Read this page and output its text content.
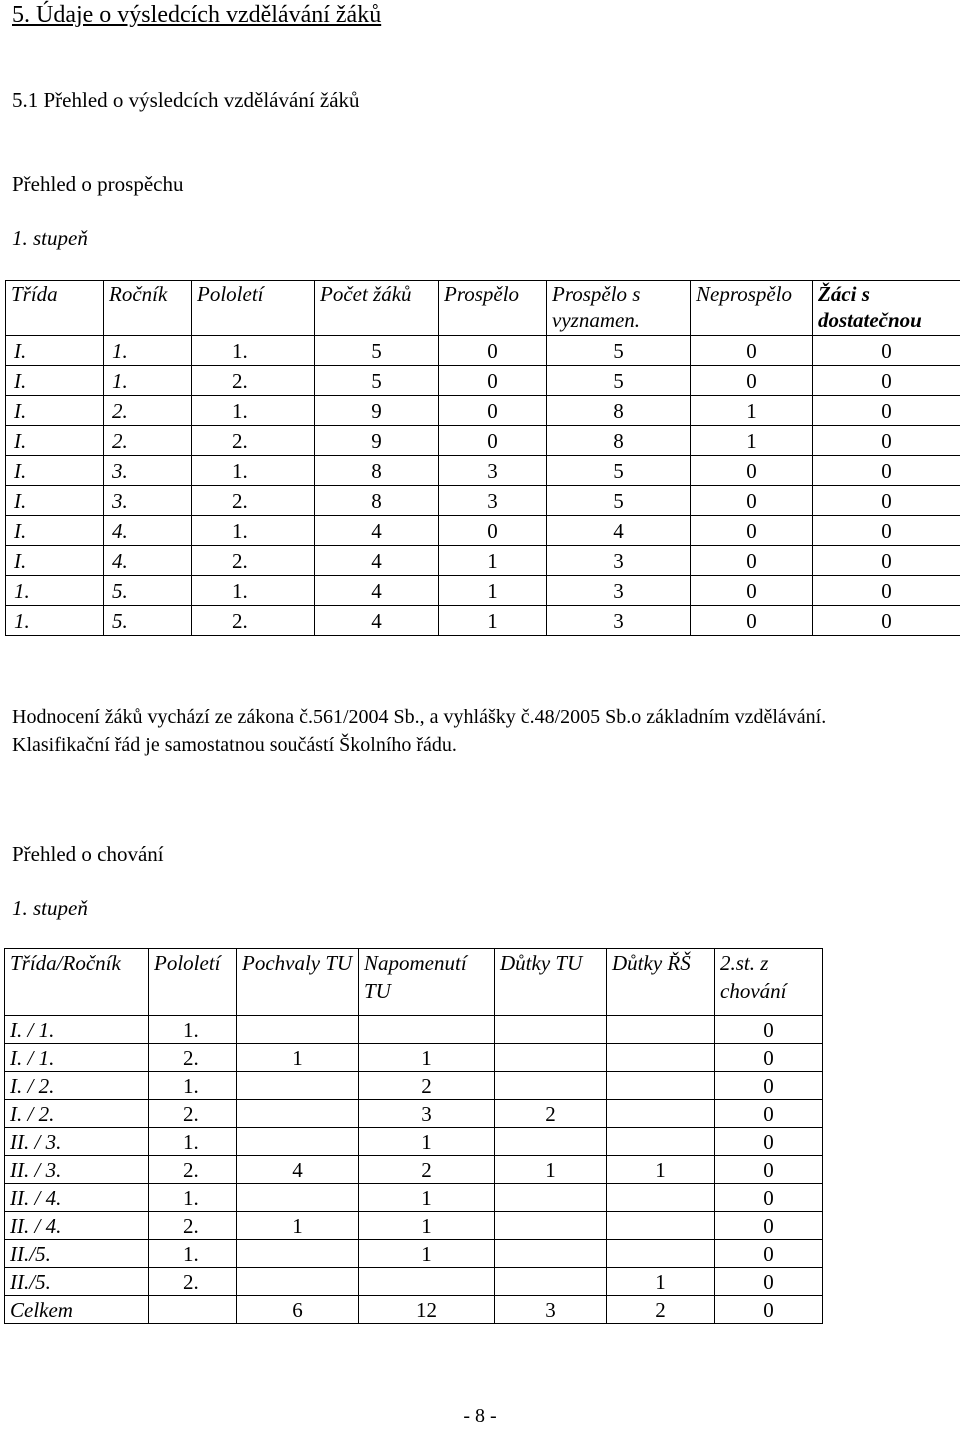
5. Údaje o výsledcích vzdělávání žáků
5.1 Přehled o výsledcích vzdělávání žáků
Přehled o prospěchu
1. stupeň
Třída	Ročník	Pololetí	Počet žáků	Prospělo	Prospělo s vyznamen.	Neprospělo	Žáci s dostatečnou
I.	1.	1.	5	0	5	0	0
I.	1.	2.	5	0	5	0	0
I.	2.	1.	9	0	8	1	0
I.	2.	2.	9	0	8	1	0
I.	3.	1.	8	3	5	0	0
I.	3.	2.	8	3	5	0	0
I.	4.	1.	4	0	4	0	0
I.	4.	2.	4	1	3	0	0
1.	5.	1.	4	1	3	0	0
1.	5.	2.	4	1	3	0	0
Hodnocení žáků vychází ze zákona č.561/2004 Sb., a vyhlášky č.48/2005 Sb.o základním vzdělávání. Klasifikační řád je samostatnou součástí Školního řádu.
Přehled o chování
1. stupeň
Třída/Ročník	Pololetí	Pochvaly TU	Napomenutí TU	Důtky TU	Důtky ŘŠ	2.st. z chování
I. / 1.	1.					0
I. / 1.	2.	1	1			0
I. / 2.	1.		2			0
I. / 2.	2.		3	2		0
II. / 3.	1.		1			0
II. / 3.	2.	4	2	1	1	0
II. / 4.	1.		1			0
II. / 4.	2.	1	1			0
II./5.	1.		1			0
II./5.	2.				1	0
Celkem		6	12	3	2	0
- 8 -
